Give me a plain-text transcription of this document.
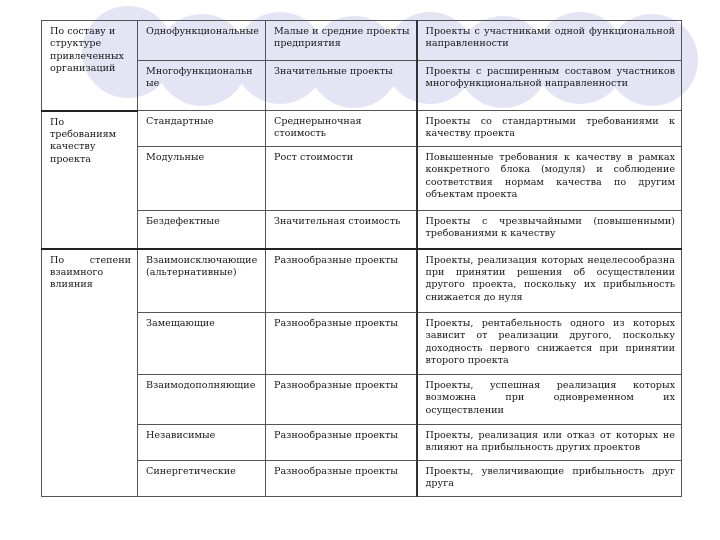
По составу и структуре привлеченных организаций	Однофункциональные	Малые и средние проекты предприятия	Проекты с участниками одной функциональной направленности

	Многофункциональные	Значительные проекты	Проекты с расширенным составом участников многофункциональной направленности

По требованиям качеству проекта	Стандартные	Среднерыночная стоимость	Проекты со стандартными требованиями к качеству проекта

	Модульные	Рост стоимости	Повышенные требования к качеству в рамках конкретного блока (модуля) и соблюдение соответствия нормам качества по другим объектам проекта

	Бездефектные	Значительная стоимость	Проекты с чрезвычайными (повышенными) требованиями к качеству

По степени взаимного влияния	Взаимоисключающие (альтернативные)	Разнообразные проекты	Проекты, реализация которых нецелесообразна при принятии решения об осуществлении другого проекта, поскольку их прибыльность снижается до нуля

	Замещающие	Разнообразные проекты	Проекты, рентабельность одного из которых зависит от реализации другого, поскольку доходность первого снижается при принятии второго проекта

	Взаимодополняющие	Разнообразные проекты	Проекты, успешная реализация которых возможна при одновременном их осуществлении

	Независимые	Разнообразные проекты	Проекты, реализация или отказ от которых не влияют на прибыльность других проектов

	Синергетические	Разнообразные проекты	Проекты, увеличивающие прибыльность друг друга
